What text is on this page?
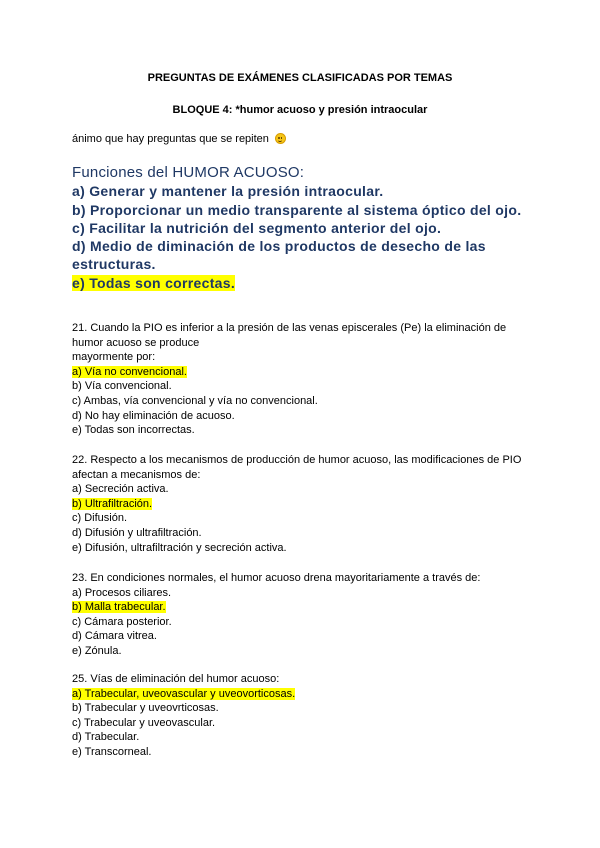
PREGUNTAS DE EXÁMENES CLASIFICADAS POR TEMAS
BLOQUE 4: *humor acuoso y presión intraocular
ánimo que hay preguntas que se repiten
Funciones del HUMOR ACUOSO:
a) Generar y mantener la presión intraocular.
b) Proporcionar un medio transparente al sistema óptico del ojo.
c) Facilitar la nutrición del segmento anterior del ojo.
d) Medio de diminación de los productos de desecho de las
estructuras.
e) Todas son correctas.
21. Cuando la PIO es inferior a la presión de las venas episcerales (Pe) la eliminación de
humor acuoso se produce
mayormente por:
a) Vía no convencional.
b) Vía convencional.
c) Ambas, vía convencional y vía no convencional.
d) No hay eliminación de acuoso.
e) Todas son incorrectas.
22. Respecto a los mecanismos de producción de humor acuoso, las modificaciones de PIO
afectan a mecanismos de:
a) Secreción activa.
b) Ultrafiltración.
c) Difusión.
d) Difusión y ultrafiltración.
e) Difusión, ultrafiltración y secreción activa.
23. En condiciones normales, el humor acuoso drena mayoritariamente a través de:
a) Procesos ciliares.
b) Malla trabecular.
c) Cámara posterior.
d) Cámara vitrea.
e) Zónula.
25. Vías de eliminación del humor acuoso:
a) Trabecular, uveovascular y uveovorticosas.
b) Trabecular y uveovrticosas.
c) Trabecular y uveovascular.
d) Trabecular.
e) Transcorneal.
